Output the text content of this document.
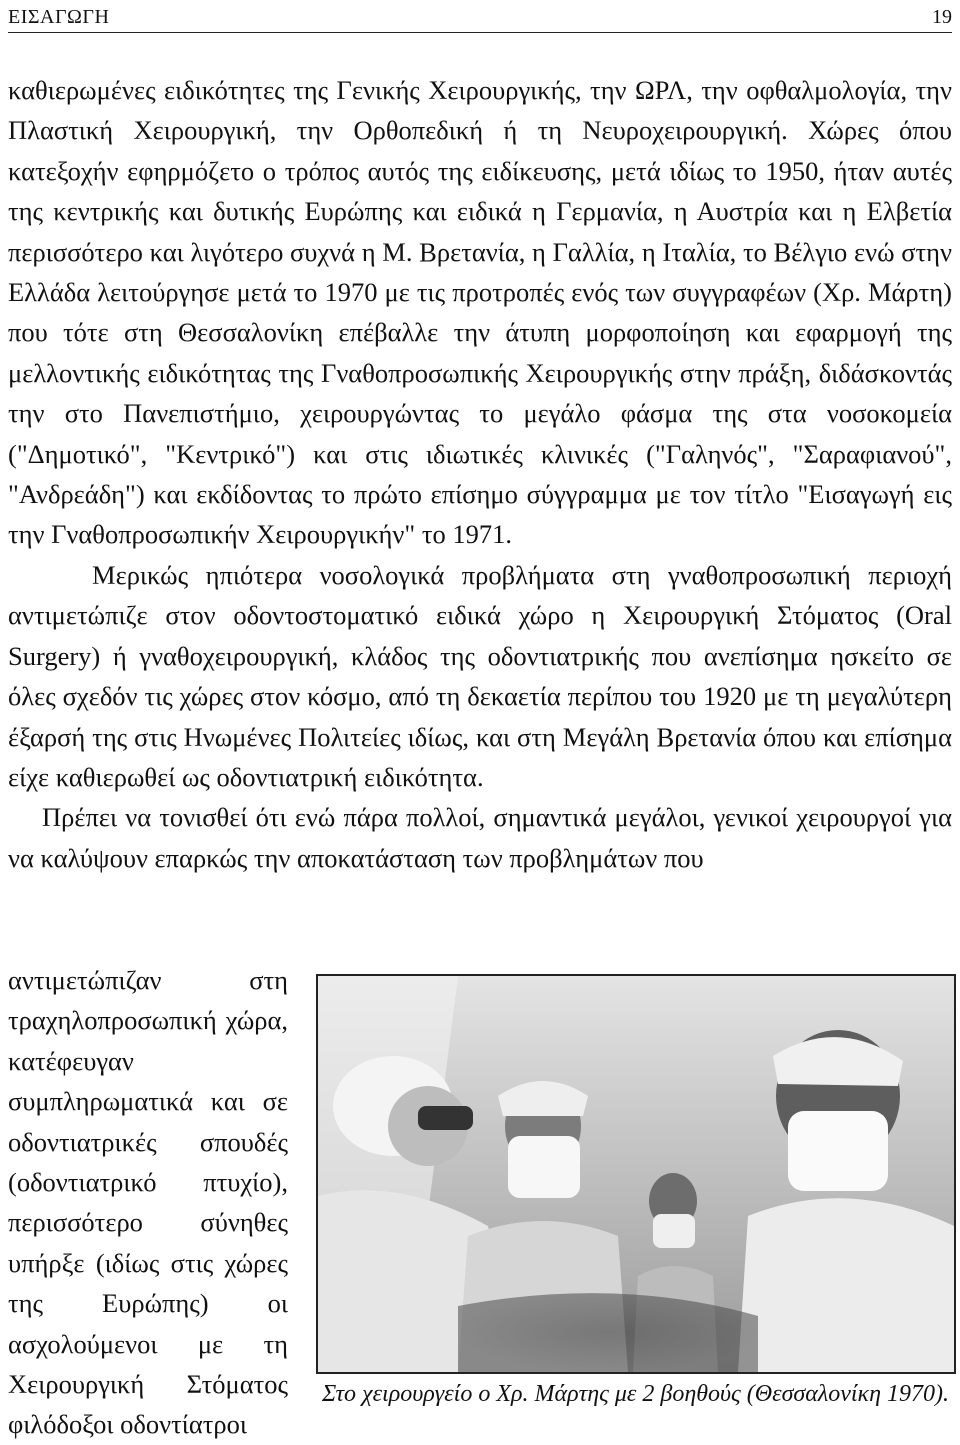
ΕΙΣΑΓΩΓΗ	19

καθιερωμένες ειδικότητες της Γενικής Χειρουργικής, την ΩΡΛ, την οφθαλμολογία, την Πλαστική Χειρουργική, την Ορθοπεδική ή τη Νευροχειρουργική. Χώρες όπου κατεξοχήν εφηρμόζετο ο τρόπος αυτός της ειδίκευσης, μετά ιδίως το 1950, ήταν αυτές της κεντρικής και δυτικής Ευρώπης και ειδικά η Γερμανία, η Αυστρία και η Ελβετία περισσότερο και λιγότερο συχνά η Μ. Βρετανία, η Γαλλία, η Ιταλία, το Βέλγιο ενώ στην Ελλάδα λειτούργησε μετά το 1970 με τις προτροπές ενός των συγγραφέων (Χρ. Μάρτη) που τότε στη Θεσσαλονίκη επέβαλλε την άτυπη μορφοποίηση και εφαρμογή της μελλοντικής ειδικότητας της Γναθοπροσωπικής Χειρουργικής στην πράξη, διδάσκοντάς την στο Πανεπιστήμιο, χειρουργώντας το μεγάλο φάσμα της στα νοσοκομεία ("Δημοτικό", "Κεντρικό") και στις ιδιωτικές κλινικές ("Γαληνός", "Σαραφιανού", "Ανδρεάδη") και εκδίδοντας το πρώτο επίσημο σύγγραμμα με τον τίτλο "Εισαγωγή εις την Γναθοπροσωπικήν Χειρουργικήν" το 1971.

Μερικώς ηπιότερα νοσολογικά προβλήματα στη γναθοπροσωπική περιοχή αντιμετώπιζε στον οδοντοστοματικό ειδικά χώρο η Χειρουργική Στόματος (Oral Surgery) ή γναθοχειρουργική, κλάδος της οδοντιατρικής που ανεπίσημα ησκείτο σε όλες σχεδόν τις χώρες στον κόσμο, από τη δεκαετία περίπου του 1920 με τη μεγαλύτερη έξαρσή της στις Ηνωμένες Πολιτείες ιδίως, και στη Μεγάλη Βρετανία όπου και επίσημα είχε καθιερωθεί ως οδοντιατρική ειδικότητα.

Πρέπει να τονισθεί ότι ενώ πάρα πολλοί, σημαντικά μεγάλοι, γενικοί χειρουργοί για να καλύψουν επαρκώς την αποκατάσταση των προβλημάτων που

αντιμετώπιζαν στη τραχηλοπροσωπική χώρα, κατέφευγαν συμπληρωματικά και σε οδοντιατρικές σπουδές (οδοντιατρικό πτυχίο), περισσότερο σύνηθες υπήρξε (ιδίως στις χώρες της Ευρώπης) οι ασχολούμενοι με τη Χειρουργική Στόματος φιλόδοξοι οδοντίατροι
Στο χειρουργείο ο Χρ. Μάρτης με 2 βοηθούς (Θεσσαλονίκη 1970).
